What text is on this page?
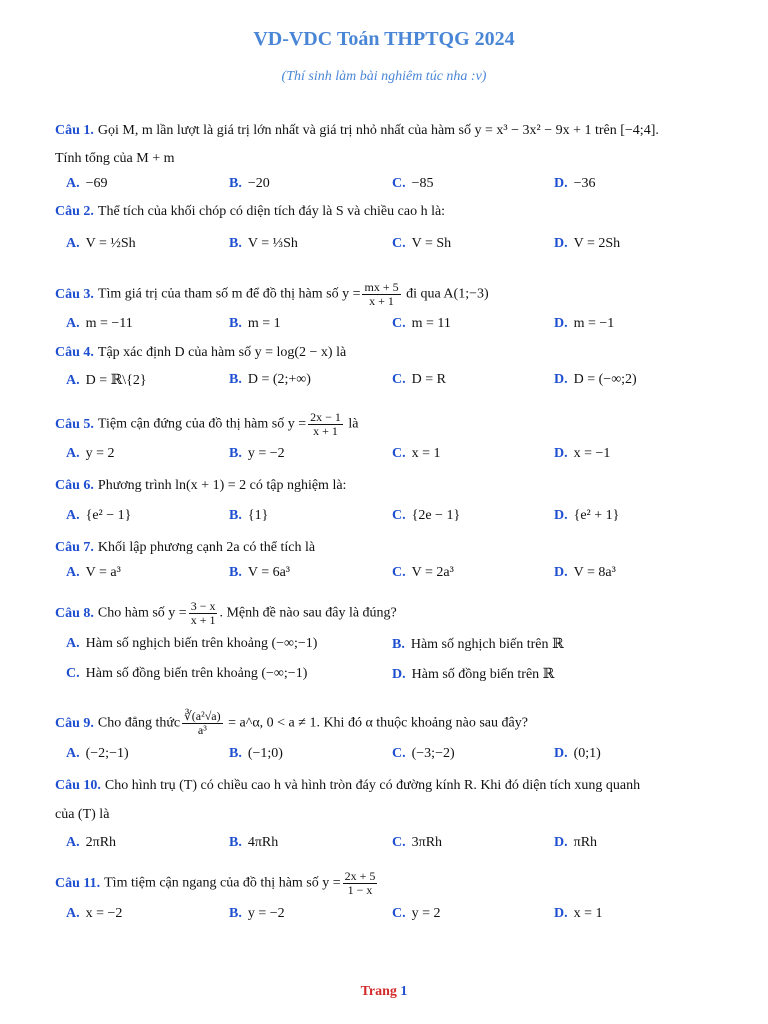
VD-VDC Toán THPTQG 2024
(Thí sinh làm bài nghiêm túc nha :v)
Câu 1. Gọi M, m lần lượt là giá trị lớn nhất và giá trị nhỏ nhất của hàm số y = x³ − 3x² − 9x + 1 trên [−4;4].
Tính tổng của M + m
Câu 2. Thể tích của khối chóp có diện tích đáy là S và chiều cao h là:
Câu 3. Tìm giá trị của tham số m để đồ thị hàm số $y = \frac{mx + 5}{x + 1}$ đi qua A(1;−3)
Câu 4. Tập xác định D của hàm số y = log(2 − x) là
Câu 5. Tiệm cận đứng của đồ thị hàm số $y = \frac{2x - 1}{x + 1}$ là
Câu 6. Phương trình ln(x + 1) = 2 có tập nghiệm là:
Câu 7. Khối lập phương cạnh 2a có thể tích là
Câu 8. Cho hàm số $y = \frac{3 - x}{x + 1}$ . Mệnh đề nào sau đây là đúng?
Câu 9. Cho đẳng thức $\frac{\text{∛(a²√a)}}{\text{a³}}$ = a^α, 0 < a ≠ 1. Khi đó α thuộc khoảng nào sau đây?
Câu 10. Cho hình trụ (T) có chiều cao h và hình tròn đáy có đường kính R. Khi đó diện tích xung quanh
của (T) là
Câu 11. Tìm tiệm cận ngang của đồ thị hàm số $y = \frac{2x + 5}{1 - x}$
Trang 1
A. −69	B. −20	C. −85	D. −36
A. V = ½Sh	B. V = ⅓Sh	C. V = Sh	D. V = 2Sh
A. m = −11	B. m = 1	C. m = 11	D. m = −1
A. D = ℝ\{2}	B. D = (2;+∞)	C. D = R	D. D = (−∞;2)
A. y = 2	B. y = −2	C. x = 1	D. x = −1
A. {e² − 1}	B. {1}	C. {2e − 1}	D. {e² + 1}
A. V = a³	B. V = 6a³	C. V = 2a³	D. V = 8a³
A. Hàm số nghịch biến trên khoảng (−∞;−1)	B. Hàm số nghịch biến trên ℝ
C. Hàm số đồng biến trên khoảng (−∞;−1)	D. Hàm số đồng biến trên ℝ
A. (−2;−1)	B. (−1;0)	C. (−3;−2)	D. (0;1)
A. 2πRh	B. 4πRh	C. 3πRh	D. πRh
A. x = −2	B. y = −2	C. y = 2	D. x = 1
